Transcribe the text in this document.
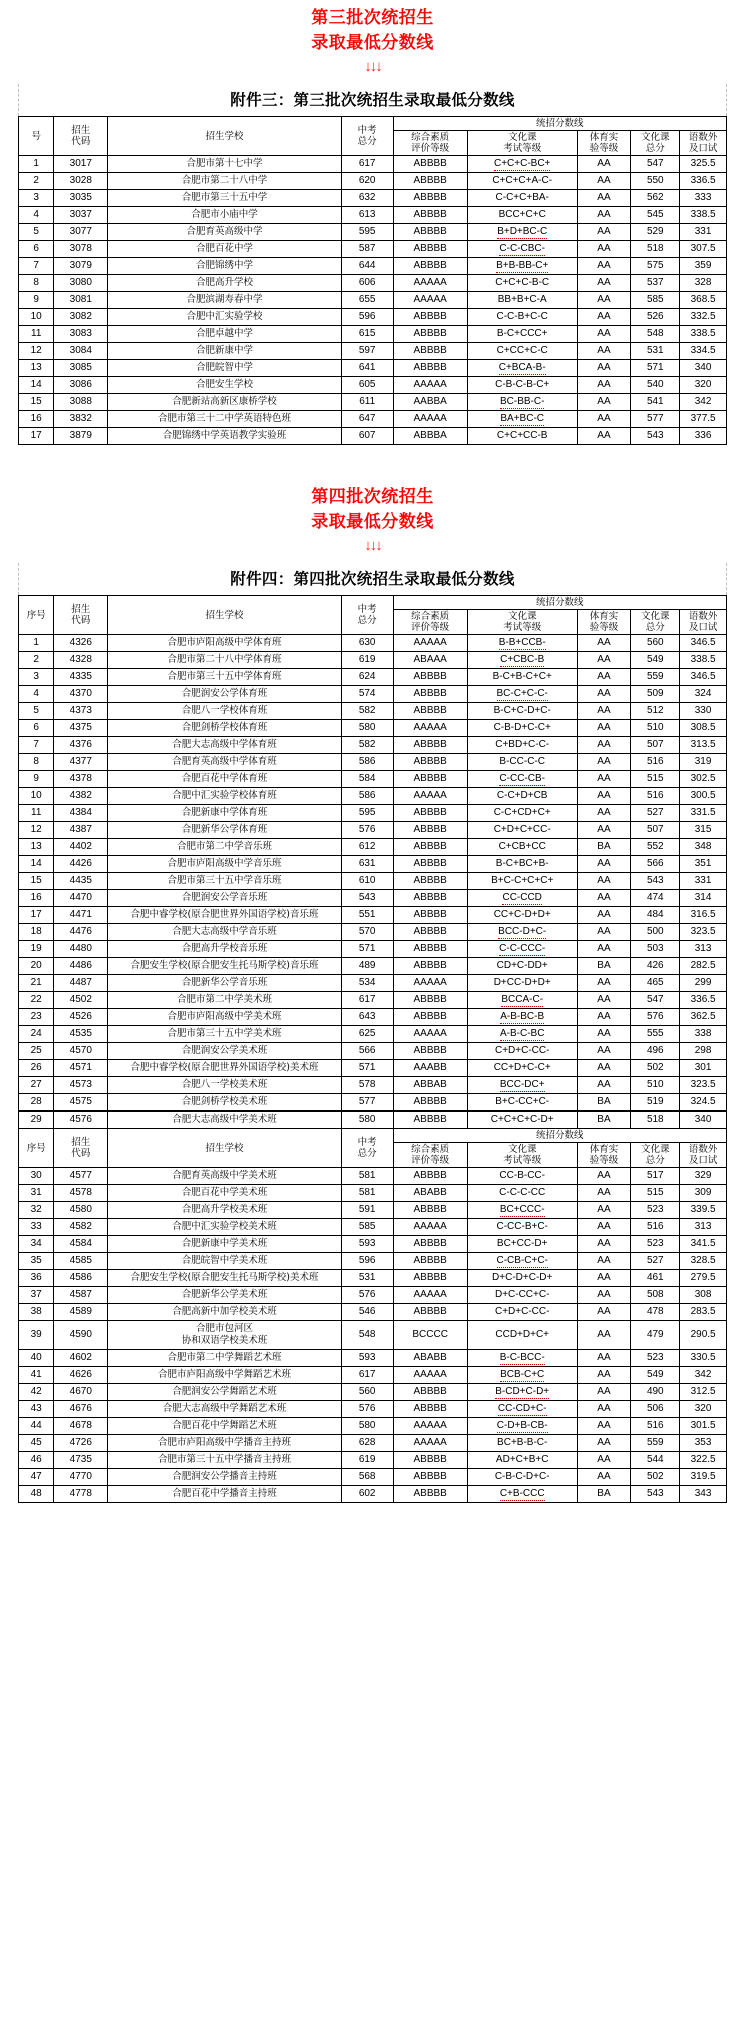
第三批次统招生
录取最低分数线
↓↓↓
附件三：第三批次统招生录取最低分数线
号	招生
代码	招生学校	中考
总分
	统招分数线

综合素质
评价等级

文化课
考试等级

体育实
验等级

文化课
总分

语数外
及口试

1	3017	合肥市第十七中学	617	ABBBB	C+C+C-BC+	AA	547	325.5
2	3028	合肥市第二十八中学	620	ABBBB	C+C+C+A-C-	AA	550	336.5
3	3035	合肥市第三十五中学	632	ABBBB	C-C+C+BA-	AA	562	333
4	3037	合肥市小庙中学	613	ABBBB	BCC+C+C	AA	545	338.5
5	3077	合肥育英高级中学	595	ABBBB	B+D+BC-C	AA	529	331
6	3078	合肥百花中学	587	ABBBB	C-C-CBC-	AA	518	307.5
7	3079	合肥锦绣中学	644	ABBBB	B+B-BB-C+	AA	575	359
8	3080	合肥高升学校	606	AAAAA	C+C+C-B-C	AA	537	328
9	3081	合肥滨湖寿春中学	655	AAAAA	BB+B+C-A	AA	585	368.5
10	3082	合肥中汇实验学校	596	ABBBB	C-C-B+C-C	AA	526	332.5
11	3083	合肥卓越中学	615	ABBBB	B-C+CCC+	AA	548	338.5
12	3084	合肥新康中学	597	ABBBB	C+CC+C-C	AA	531	334.5
13	3085	合肥皖智中学	641	ABBBB	C+BCA-B-	AA	571	340
14	3086	合肥安生学校	605	AAAAA	C-B-C-B-C+	AA	540	320
15	3088	合肥新站高新区康桥学校	611	AABBA	BC-BB-C-	AA	541	342
16	3832	合肥市第三十二中学英语特色班	647	AAAAA	BA+BC-C	AA	577	377.5
17	3879	合肥锦绣中学英语教学实验班	607	ABBBA	C+C+CC-B	AA	543	336
第四批次统招生
录取最低分数线
↓↓↓
附件四：第四批次统招生录取最低分数线
序号	招生
代码	招生学校	中考
总分
	统招分数线

综合素质
评价等级

文化课
考试等级

体育实
验等级

文化课
总分

语数外
及口试

1	4326	合肥市庐阳高级中学体育班	630	AAAAA	B-B+CCB-	AA	560	346.5
2	4328	合肥市第二十八中学体育班	619	ABAAA	C+CBC-B	AA	549	338.5
3	4335	合肥市第三十五中学体育班	624	ABBBB	B-C+B-C+C+	AA	559	346.5
4	4370	合肥润安公学体育班	574	ABBBB	BC-C+C-C-	AA	509	324
5	4373	合肥八一学校体育班	582	ABBBB	B-C+C-D+C-	AA	512	330
6	4375	合肥剑桥学校体育班	580	AAAAA	C-B-D+C-C+	AA	510	308.5
7	4376	合肥大志高级中学体育班	582	ABBBB	C+BD+C-C-	AA	507	313.5
8	4377	合肥育英高级中学体育班	586	ABBBB	B-CC-C-C	AA	516	319
9	4378	合肥百花中学体育班	584	ABBBB	C-CC-CB-	AA	515	302.5
10	4382	合肥中汇实验学校体育班	586	AAAAA	C-C+D+CB	AA	516	300.5
11	4384	合肥新康中学体育班	595	ABBBB	C-C+CD+C+	AA	527	331.5
12	4387	合肥新华公学体育班	576	ABBBB	C+D+C+CC-	AA	507	315
13	4402	合肥市第二中学音乐班	612	ABBBB	C+CB+CC	BA	552	348
14	4426	合肥市庐阳高级中学音乐班	631	ABBBB	B-C+BC+B-	AA	566	351
15	4435	合肥市第三十五中学音乐班	610	ABBBB	B+C-C+C+C+	AA	543	331
16	4470	合肥润安公学音乐班	543	ABBBB	CC-CCD	AA	474	314
17	4471	合肥中睿学校(原合肥世界外国语学校)音乐班	551	ABBBB	CC+C-D+D+	AA	484	316.5
18	4476	合肥大志高级中学音乐班	570	ABBBB	BCC-D+C-	AA	500	323.5
19	4480	合肥高升学校音乐班	571	ABBBB	C-C-CCC-	AA	503	313
20	4486	合肥安生学校(原合肥安生托马斯学校)音乐班	489	ABBBB	CD+C-DD+	BA	426	282.5
21	4487	合肥新华公学音乐班	534	AAAAA	D+CC-D+D+	AA	465	299
22	4502	合肥市第二中学美术班	617	ABBBB	BCCA-C-	AA	547	336.5
23	4526	合肥市庐阳高级中学美术班	643	ABBBB	A-B-BC-B	AA	576	362.5
24	4535	合肥市第三十五中学美术班	625	AAAAA	A-B-C-BC	AA	555	338
25	4570	合肥润安公学美术班	566	ABBBB	C+D+C-CC-	AA	496	298
26	4571	合肥中睿学校(原合肥世界外国语学校)美术班	571	AAABB	CC+D+C-C+	AA	502	301
27	4573	合肥八一学校美术班	578	ABBAB	BCC-DC+	AA	510	323.5
28	4575	合肥剑桥学校美术班	577	ABBBB	B+C-CC+C-	BA	519	324.5
29	4576	合肥大志高级中学美术班	580	ABBBB	C+C+C+C-D+	BA	518	340
序号	招生
代码	招生学校	中考
总分
	统招分数线

综合素质
评价等级

文化课
考试等级

体育实
验等级

文化课
总分

语数外
及口试

30	4577	合肥育英高级中学美术班	581	ABBBB	CC-B-CC-	AA	517	329
31	4578	合肥百花中学美术班	581	ABABB	C-C-C-CC	AA	515	309
32	4580	合肥高升学校美术班	591	ABBBB	BC+CCC-	AA	523	339.5
33	4582	合肥中汇实验学校美术班	585	AAAAA	C-CC-B+C-	AA	516	313
34	4584	合肥新康中学美术班	593	ABBBB	BC+CC-D+	AA	523	341.5
35	4585	合肥皖智中学美术班	596	ABBBB	C-CB-C+C-	AA	527	328.5
36	4586	合肥安生学校(原合肥安生托马斯学校)美术班	531	ABBBB	D+C-D+C-D+	AA	461	279.5
37	4587	合肥新华公学美术班	576	AAAAA	D+C-CC+C-	AA	508	308
38	4589	合肥高新中加学校美术班	546	ABBBB	C+D+C-CC-	AA	478	283.5
39	4590	合肥市包河区
协和双语学校美术班	548	BCCCC	CCD+D+C+	AA	479	290.5
40	4602	合肥市第二中学舞蹈艺术班	593	ABABB	B-C-BCC-	AA	523	330.5
41	4626	合肥市庐阳高级中学舞蹈艺术班	617	AAAAA	BCB-C+C	AA	549	342
42	4670	合肥润安公学舞蹈艺术班	560	ABBBB	B-CD+C-D+	AA	490	312.5
43	4676	合肥大志高级中学舞蹈艺术班	576	ABBBB	CC-CD+C-	AA	506	320
44	4678	合肥百花中学舞蹈艺术班	580	AAAAA	C-D+B-CB-	AA	516	301.5
45	4726	合肥市庐阳高级中学播音主持班	628	AAAAA	BC+B-B-C-	AA	559	353
46	4735	合肥市第三十五中学播音主持班	619	ABBBB	AD+C+B+C	AA	544	322.5
47	4770	合肥润安公学播音主持班	568	ABBBB	C-B-C-D+C-	AA	502	319.5
48	4778	合肥百花中学播音主持班	602	ABBBB	C+B-CCC	BA	543	343
